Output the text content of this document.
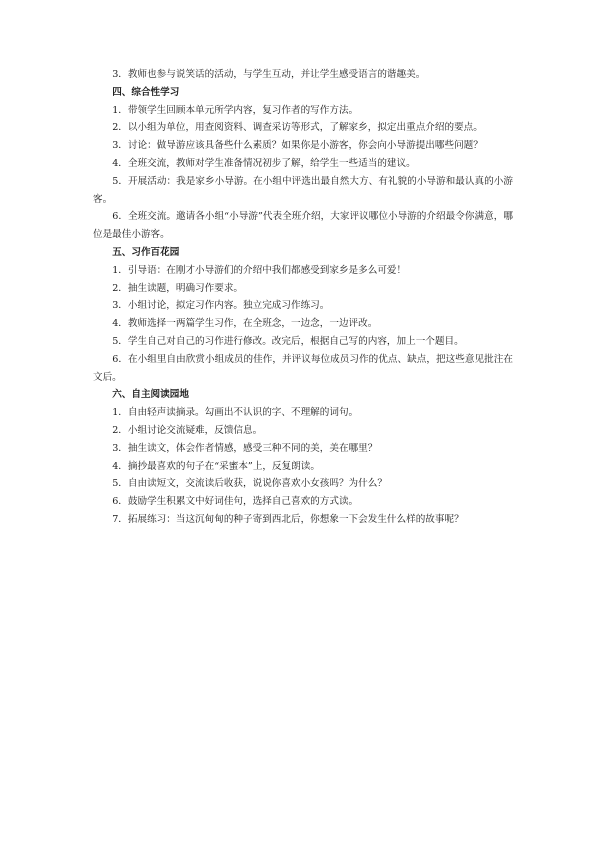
3．教师也参与说笑话的活动，与学生互动，并让学生感受语言的谐趣美。

四、综合性学习

1．带领学生回顾本单元所学内容，复习作者的写作方法。

2．以小组为单位，用查阅资料、调查采访等形式，了解家乡，拟定出重点介绍的要点。

3．讨论：做导游应该具备些什么素质？如果你是小游客，你会向小导游提出哪些问题？

4．全班交流，教师对学生准备情况初步了解，给学生一些适当的建议。

5．开展活动：我是家乡小导游。在小组中评选出最自然大方、有礼貌的小导游和最认真的小游客。

6．全班交流。邀请各小组“小导游”代表全班介绍，大家评议哪位小导游的介绍最令你满意，哪位是最佳小游客。

五、习作百花园

1．引导语：在刚才小导游们的介绍中我们都感受到家乡是多么可爱！

2．抽生读题，明确习作要求。

3．小组讨论，拟定习作内容。独立完成习作练习。

4．教师选择一两篇学生习作，在全班念，一边念，一边评改。

5．学生自己对自己的习作进行修改。改完后，根据自己写的内容，加上一个题目。

6．在小组里自由欣赏小组成员的佳作，并评议每位成员习作的优点、缺点，把这些意见批注在文后。

六、自主阅读园地

1．自由轻声读摘录。勾画出不认识的字、不理解的词句。

2．小组讨论交流疑难，反馈信息。

3．抽生读文，体会作者情感，感受三种不同的美，美在哪里？

4．摘抄最喜欢的句子在“采蜜本”上，反复朗读。

5．自由读短文，交流读后收获，说说你喜欢小女孩吗？为什么？

6．鼓励学生积累文中好词佳句，选择自己喜欢的方式读。

7．拓展练习：当这沉甸甸的种子寄到西北后，你想象一下会发生什么样的故事呢？
